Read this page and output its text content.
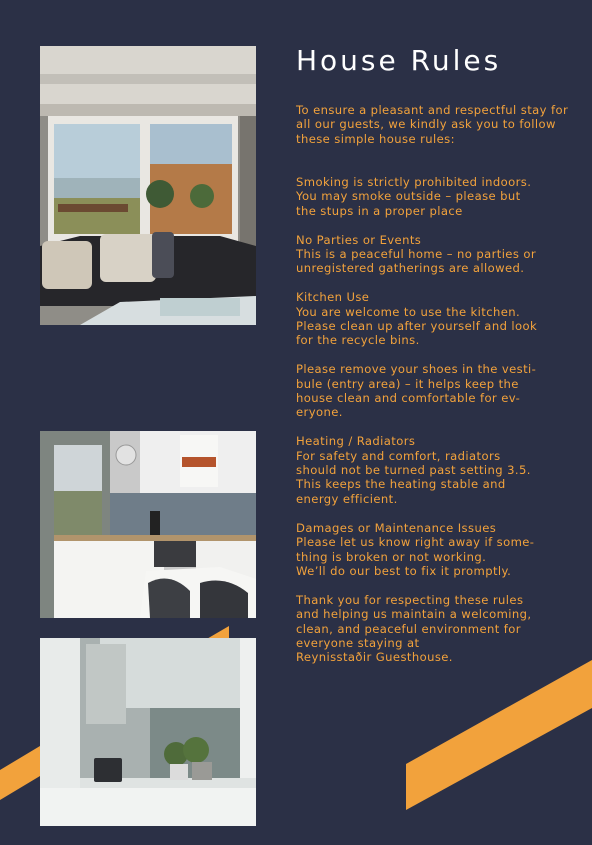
House Rules

To ensure a pleasant and respectful stay for all our guests, we kindly ask you to follow these simple house rules:

Smoking is strictly prohibited indoors.
You may smoke outside – please but
the stups in a proper place

No Parties or Events
This is a peaceful home – no parties or
unregistered gatherings are allowed.

Kitchen Use
You are welcome to use the kitchen.
Please clean up after yourself and look
for the recycle bins.

Please remove your shoes in the vesti-
bule (entry area) – it helps keep the
house clean and comfortable for ev-
eryone.

Heating / Radiators
For safety and comfort, radiators
should not be turned past setting 3.5.
This keeps the heating stable and
energy efficient.

Damages or Maintenance Issues
Please let us know right away if some-
thing is broken or not working.
We’ll do our best to fix it promptly.

Thank you for respecting these rules
and helping us maintain a welcoming,
clean, and peaceful environment for
everyone staying at
Reynisstaðir Guesthouse.
